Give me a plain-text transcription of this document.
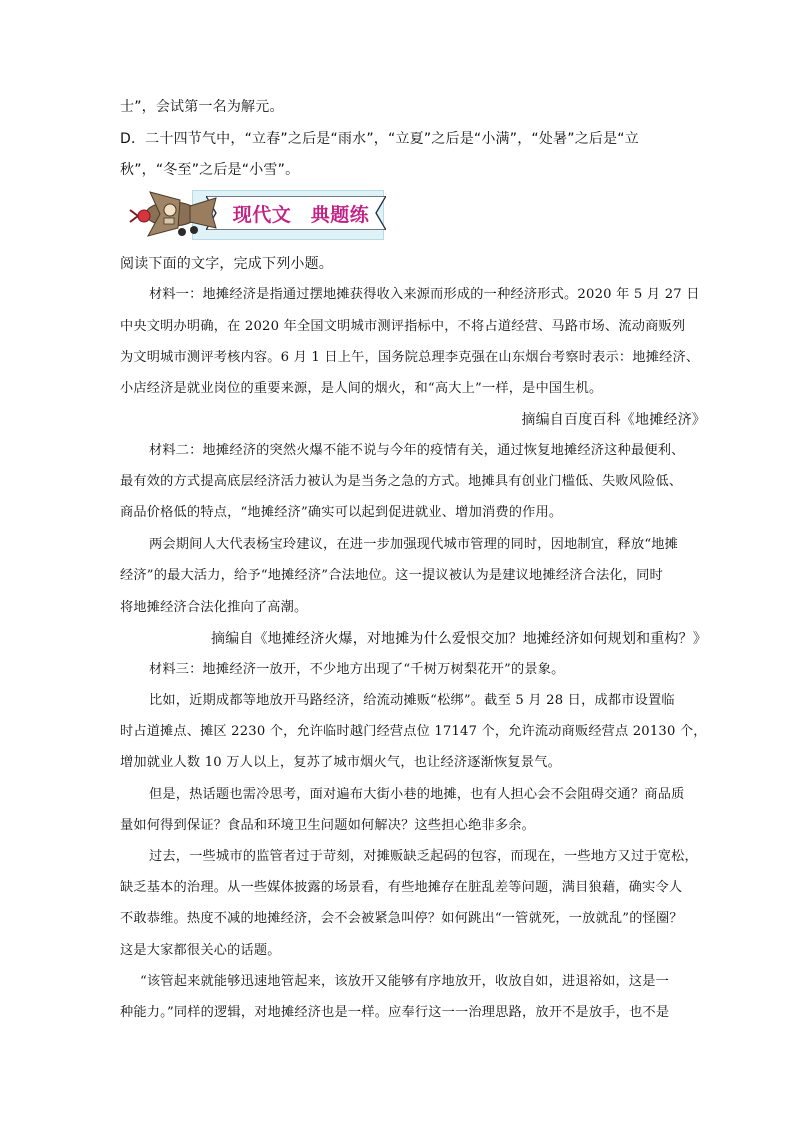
士”，会试第一名为解元。
D．二十四节气中，“立春”之后是“雨水”，“立夏”之后是“小满”，“处暑”之后是“立
秋”，“冬至”之后是“小雪”。
现代文　典题练
阅读下面的文字，完成下列小题。
材料一：地摊经济是指通过摆地摊获得收入来源而形成的一种经济形式。2020 年 5 月 27 日
中央文明办明确，在 2020 年全国文明城市测评指标中，不将占道经营、马路市场、流动商贩列
为文明城市测评考核内容。6 月 1 日上午，国务院总理李克强在山东烟台考察时表示：地摊经济、
小店经济是就业岗位的重要来源，是人间的烟火，和“高大上”一样，是中国生机。
摘编自百度百科《地摊经济》
材料二：地摊经济的突然火爆不能不说与今年的疫情有关，通过恢复地摊经济这种最便利、
最有效的方式提高底层经济活力被认为是当务之急的方式。地摊具有创业门槛低、失败风险低、
商品价格低的特点，“地摊经济”确实可以起到促进就业、增加消费的作用。
两会期间人大代表杨宝玲建议，在进一步加强现代城市管理的同时，因地制宜，释放“地摊
经济”的最大活力，给予“地摊经济”合法地位。这一提议被认为是建议地摊经济合法化，同时
将地摊经济合法化推向了高潮。
摘编自《地摊经济火爆，对地摊为什么爱恨交加？地摊经济如何规划和重构？》
材料三：地摊经济一放开，不少地方出现了“千树万树梨花开”的景象。
比如，近期成都等地放开马路经济，给流动摊贩“松绑”。截至 5 月 28 日，成都市设置临
时占道摊点、摊区 2230 个，允许临时越门经营点位 17147 个，允许流动商贩经营点 20130 个，
增加就业人数 10 万人以上，复苏了城市烟火气，也让经济逐渐恢复景气。
但是，热话题也需冷思考，面对遍布大街小巷的地摊，也有人担心会不会阻碍交通？商品质
量如何得到保证？食品和环境卫生问题如何解决？这些担心绝非多余。
过去，一些城市的监管者过于苛刻，对摊贩缺乏起码的包容，而现在，一些地方又过于宽松，
缺乏基本的治理。从一些媒体披露的场景看，有些地摊存在脏乱差等问题，满目狼藉，确实令人
不敢恭维。热度不减的地摊经济，会不会被紧急叫停？如何跳出“一管就死，一放就乱”的怪圈？
这是大家都很关心的话题。
“该管起来就能够迅速地管起来，该放开又能够有序地放开，收放自如，进退裕如，这是一
种能力。”同样的逻辑，对地摊经济也是一样。应奉行这一一治理思路，放开不是放手，也不是
